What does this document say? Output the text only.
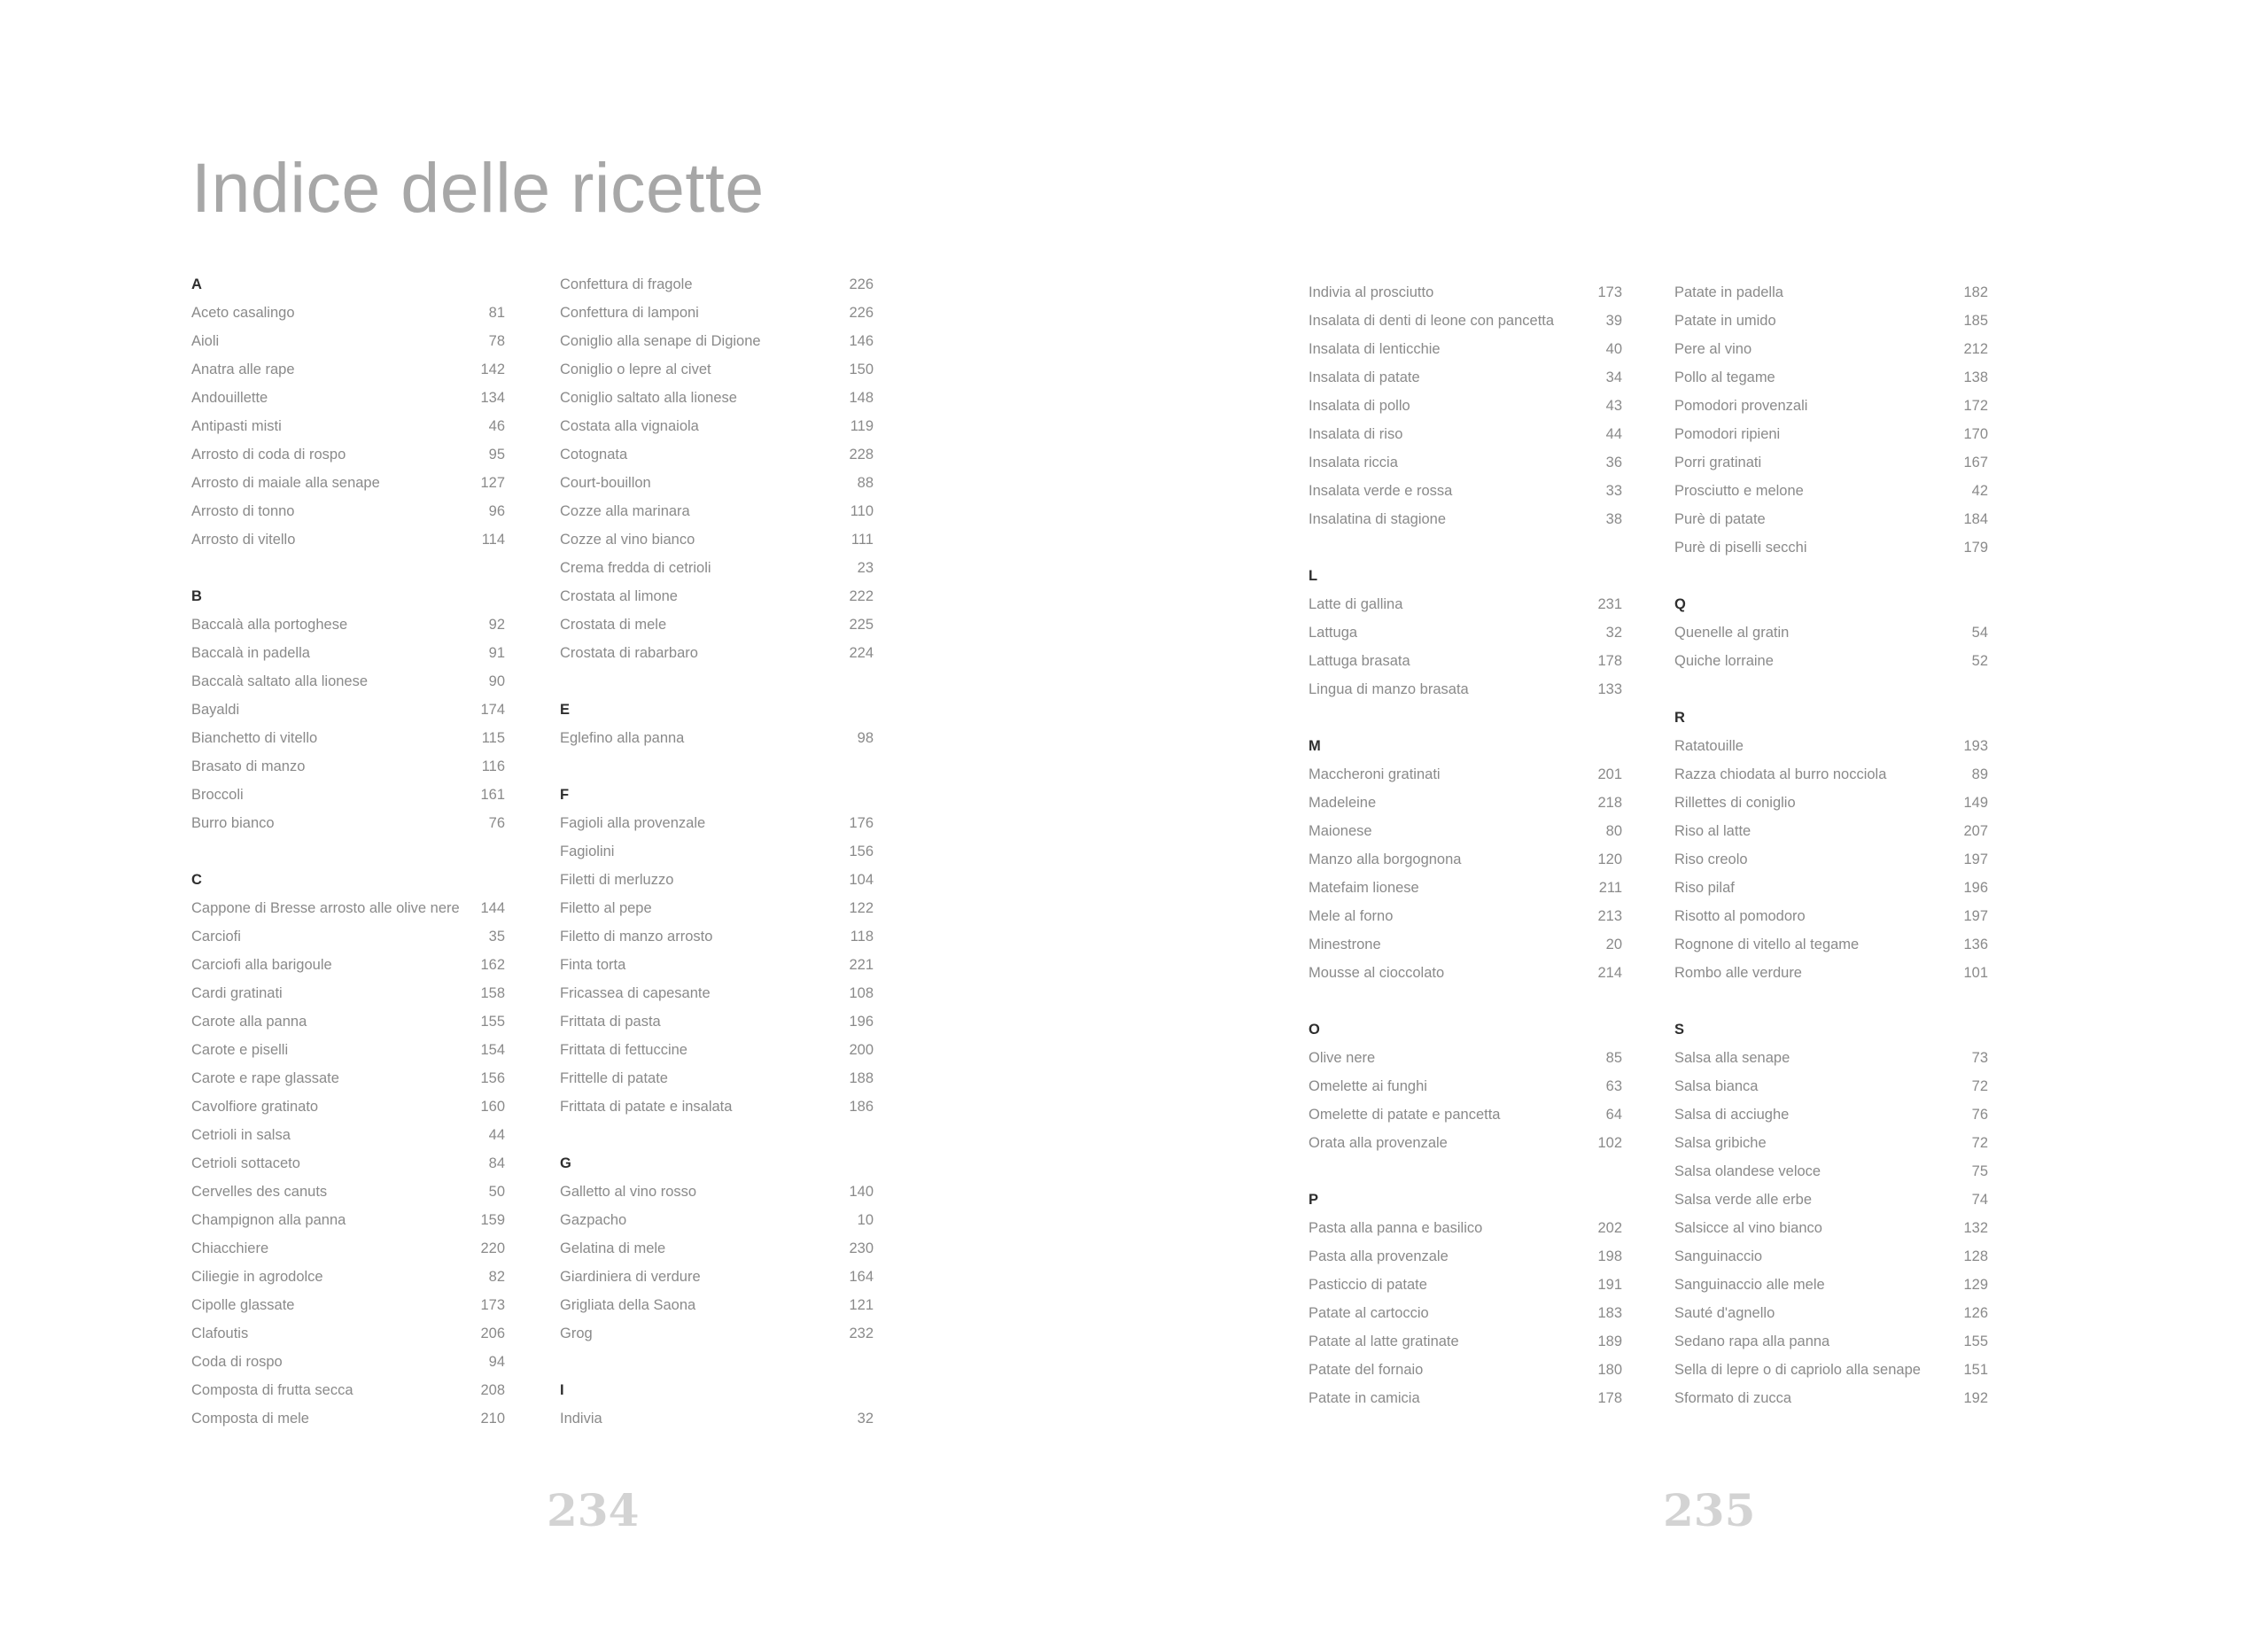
Indice delle ricette
A
Aceto casalingo	81
Aioli	78
Anatra alle rape	142
Andouillette	134
Antipasti misti	46
Arrosto di coda di rospo	95
Arrosto di maiale alla senape	127
Arrosto di tonno	96
Arrosto di vitello	114
B
Baccalà alla portoghese	92
Baccalà in padella	91
Baccalà saltato alla lionese	90
Bayaldi	174
Bianchetto di vitello	115
Brasato di manzo	116
Broccoli	161
Burro bianco	76
C
Cappone di Bresse arrosto alle olive nere	144
Carciofi	35
Carciofi alla barigoule	162
Cardi gratinati	158
Carote alla panna	155
Carote e piselli	154
Carote e rape glassate	156
Cavolfiore gratinato	160
Cetrioli in salsa	44
Cetrioli sottaceto	84
Cervelles des canuts	50
Champignon alla panna	159
Chiacchiere	220
Ciliegie in agrodolce	82
Cipolle glassate	173
Clafoutis	206
Coda di rospo	94
Composta di frutta secca	208
Composta di mele	210
Confettura di fragole	226
Confettura di lamponi	226
Coniglio alla senape di Digione	146
Coniglio o lepre al civet	150
Coniglio saltato alla lionese	148
Costata alla vignaiola	119
Cotognata	228
Court-bouillon	88
Cozze alla marinara	110
Cozze al vino bianco	111
Crema fredda di cetrioli	23
Crostata al limone	222
Crostata di mele	225
Crostata di rabarbaro	224
E
Eglefino alla panna	98
F
Fagioli alla provenzale	176
Fagiolini	156
Filetti di merluzzo	104
Filetto al pepe	122
Filetto di manzo arrosto	118
Finta torta	221
Fricassea di capesante	108
Frittata di pasta	196
Frittata di fettuccine	200
Frittelle di patate	188
Frittata di patate e insalata	186
G
Galletto al vino rosso	140
Gazpacho	10
Gelatina di mele	230
Giardiniera di verdure	164
Grigliata della Saona	121
Grog	232
I
Indivia	32
Indivia al prosciutto	173
Insalata di denti di leone con pancetta	39
Insalata di lenticchie	40
Insalata di patate	34
Insalata di pollo	43
Insalata di riso	44
Insalata riccia	36
Insalata verde e rossa	33
Insalatina di stagione	38
L
Latte di gallina	231
Lattuga	32
Lattuga brasata	178
Lingua di manzo brasata	133
M
Maccheroni gratinati	201
Madeleine	218
Maionese	80
Manzo alla borgognona	120
Matefaim lionese	211
Mele al forno	213
Minestrone	20
Mousse al cioccolato	214
O
Olive nere	85
Omelette ai funghi	63
Omelette di patate e pancetta	64
Orata alla provenzale	102
P
Pasta alla panna e basilico	202
Pasta alla provenzale	198
Pasticcio di patate	191
Patate al cartoccio	183
Patate al latte gratinate	189
Patate del fornaio	180
Patate in camicia	178
Patate in padella	182
Patate in umido	185
Pere al vino	212
Pollo al tegame	138
Pomodori provenzali	172
Pomodori ripieni	170
Porri gratinati	167
Prosciutto e melone	42
Purè di patate	184
Purè di piselli secchi	179
Q
Quenelle al gratin	54
Quiche lorraine	52
R
Ratatouille	193
Razza chiodata al burro nocciola	89
Rillettes di coniglio	149
Riso al latte	207
Riso creolo	197
Riso pilaf	196
Risotto al pomodoro	197
Rognone di vitello al tegame	136
Rombo alle verdure	101
S
Salsa alla senape	73
Salsa bianca	72
Salsa di acciughe	76
Salsa gribiche	72
Salsa olandese veloce	75
Salsa verde alle erbe	74
Salsicce al vino bianco	132
Sanguinaccio	128
Sanguinaccio alle mele	129
Sauté d'agnello	126
Sedano rapa alla panna	155
Sella di lepre o di capriolo alla senape	151
Sformato di zucca	192
234	235
